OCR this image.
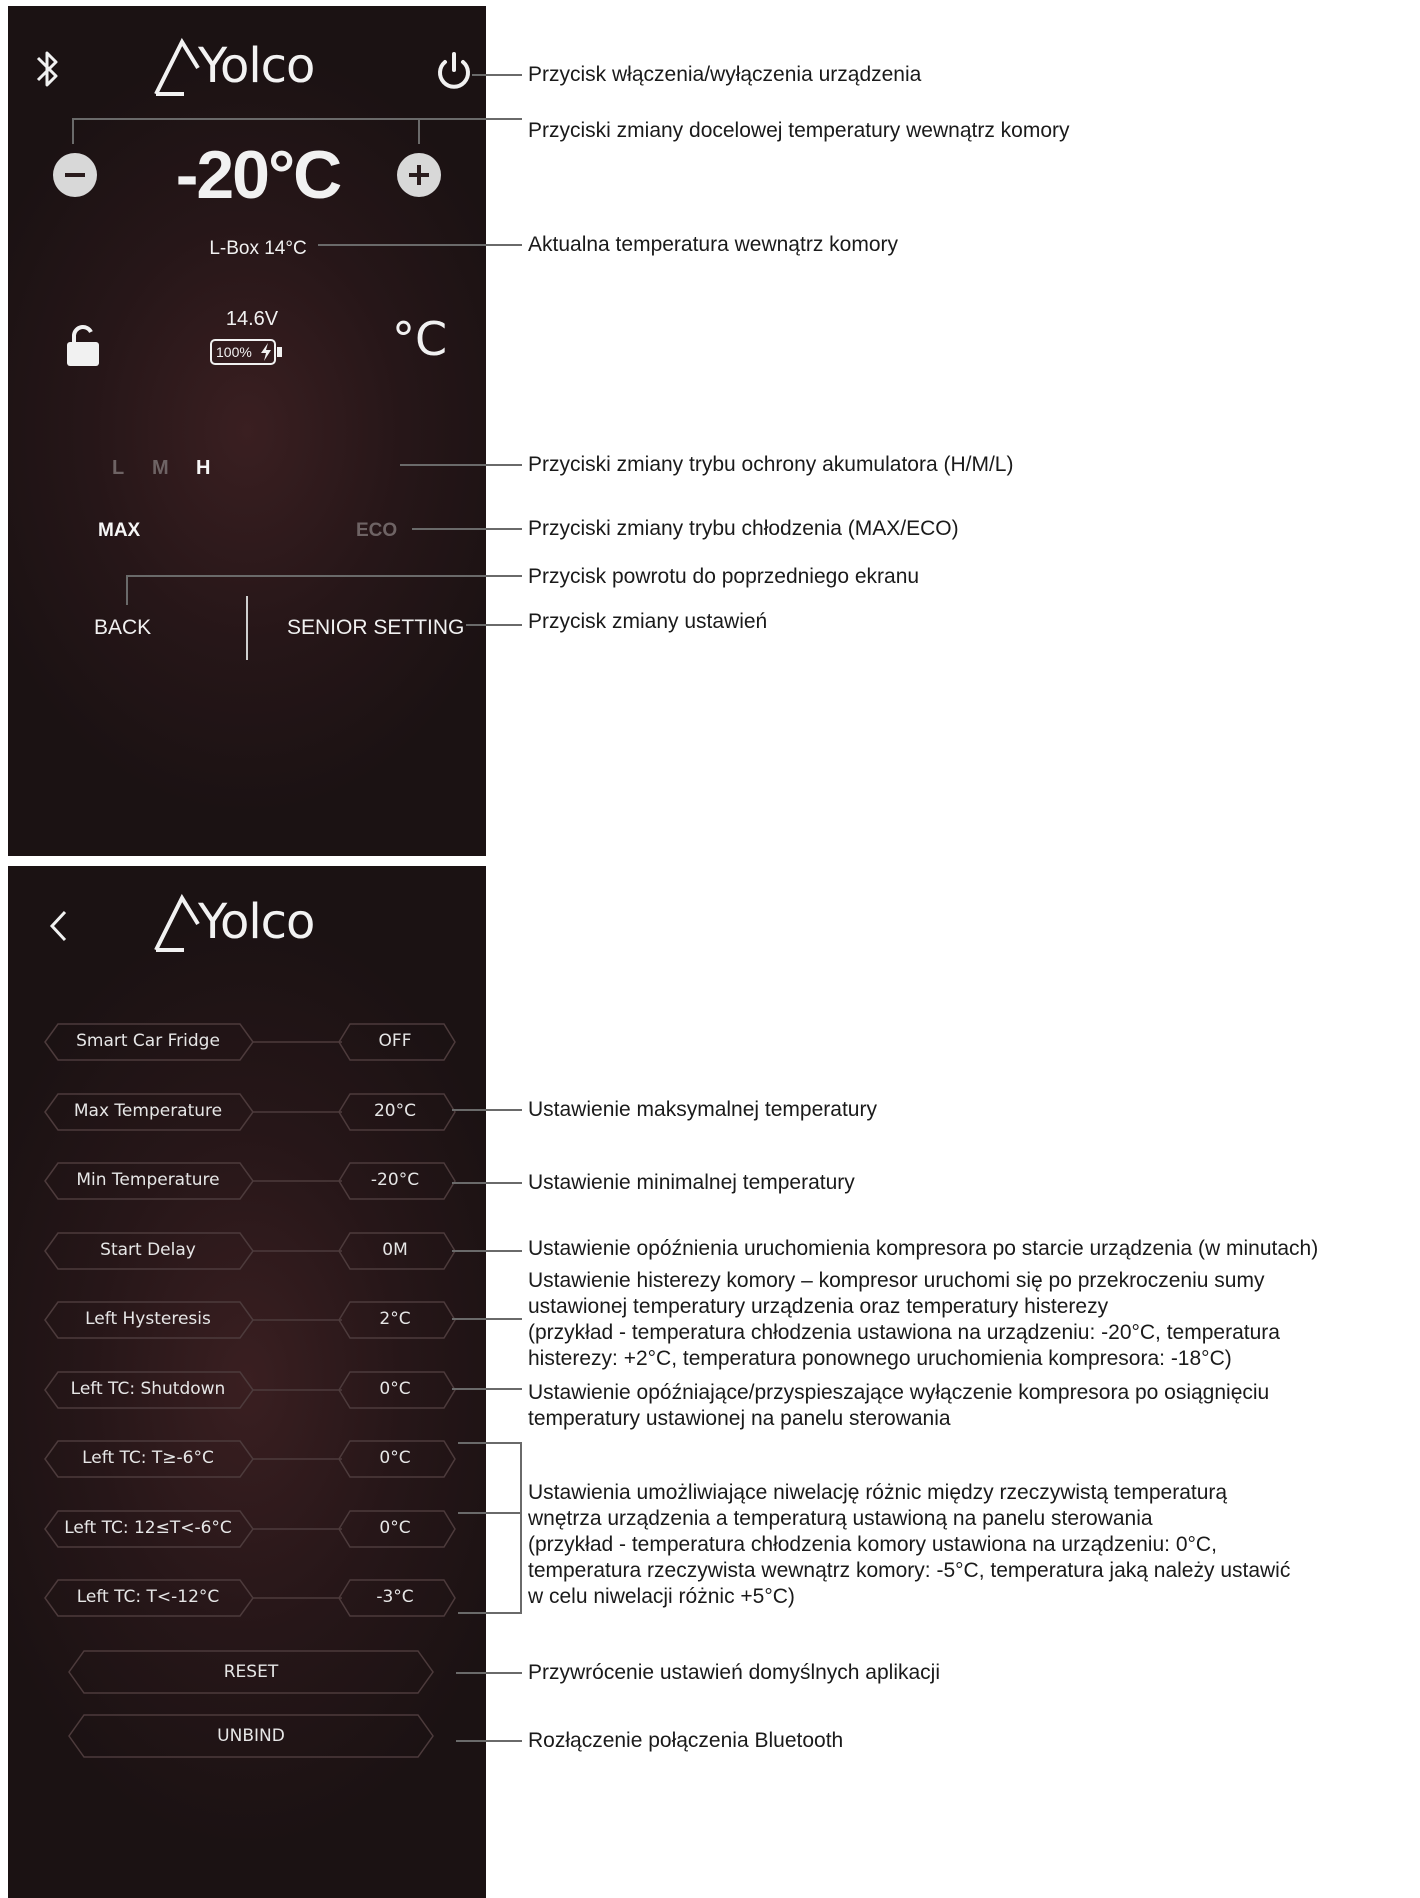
Yolco
-20°C
L-Box 14°C
14.6V
100%	°C
L M H
MAX	ECO
BACK	SENIOR SETTING
Yolco
Smart Car Fridge	OFF
Max Temperature	20°C
Min Temperature	-20°C
Start Delay	0M
Left Hysteresis	2°C
Left TC: Shutdown	0°C
Left TC: T≥-6°C	0°C
Left TC: 12≤T<-6°C	0°C
Left TC: T<-12°C	-3°C
RESET
UNBIND
Przycisk włączenia/wyłączenia urządzenia
Przyciski zmiany docelowej temperatury wewnątrz komory
Aktualna temperatura wewnątrz komory
Przyciski zmiany trybu ochrony akumulatora (H/M/L)
Przyciski zmiany trybu chłodzenia (MAX/ECO)
Przycisk powrotu do poprzedniego ekranu
Przycisk zmiany ustawień
Ustawienie maksymalnej temperatury
Ustawienie minimalnej temperatury
Ustawienie opóźnienia uruchomienia kompresora po starcie urządzenia (w minutach)
Ustawienie histerezy komory – kompresor uruchomi się po przekroczeniu sumy
ustawionej temperatury urządzenia oraz temperatury histerezy
(przykład - temperatura chłodzenia ustawiona na urządzeniu: -20°C, temperatura
histerezy: +2°C, temperatura ponownego uruchomienia kompresora: -18°C)
Ustawienie opóźniające/przyspieszające wyłączenie kompresora po osiągnięciu
temperatury ustawionej na panelu sterowania
Ustawienia umożliwiające niwelację różnic między rzeczywistą temperaturą
wnętrza urządzenia a temperaturą ustawioną na panelu sterowania
(przykład - temperatura chłodzenia komory ustawiona na urządzeniu: 0°C,
temperatura rzeczywista wewnątrz komory: -5°C, temperatura jaką należy ustawić
w celu niwelacji różnic +5°C)
Przywrócenie ustawień domyślnych aplikacji
Rozłączenie połączenia Bluetooth
